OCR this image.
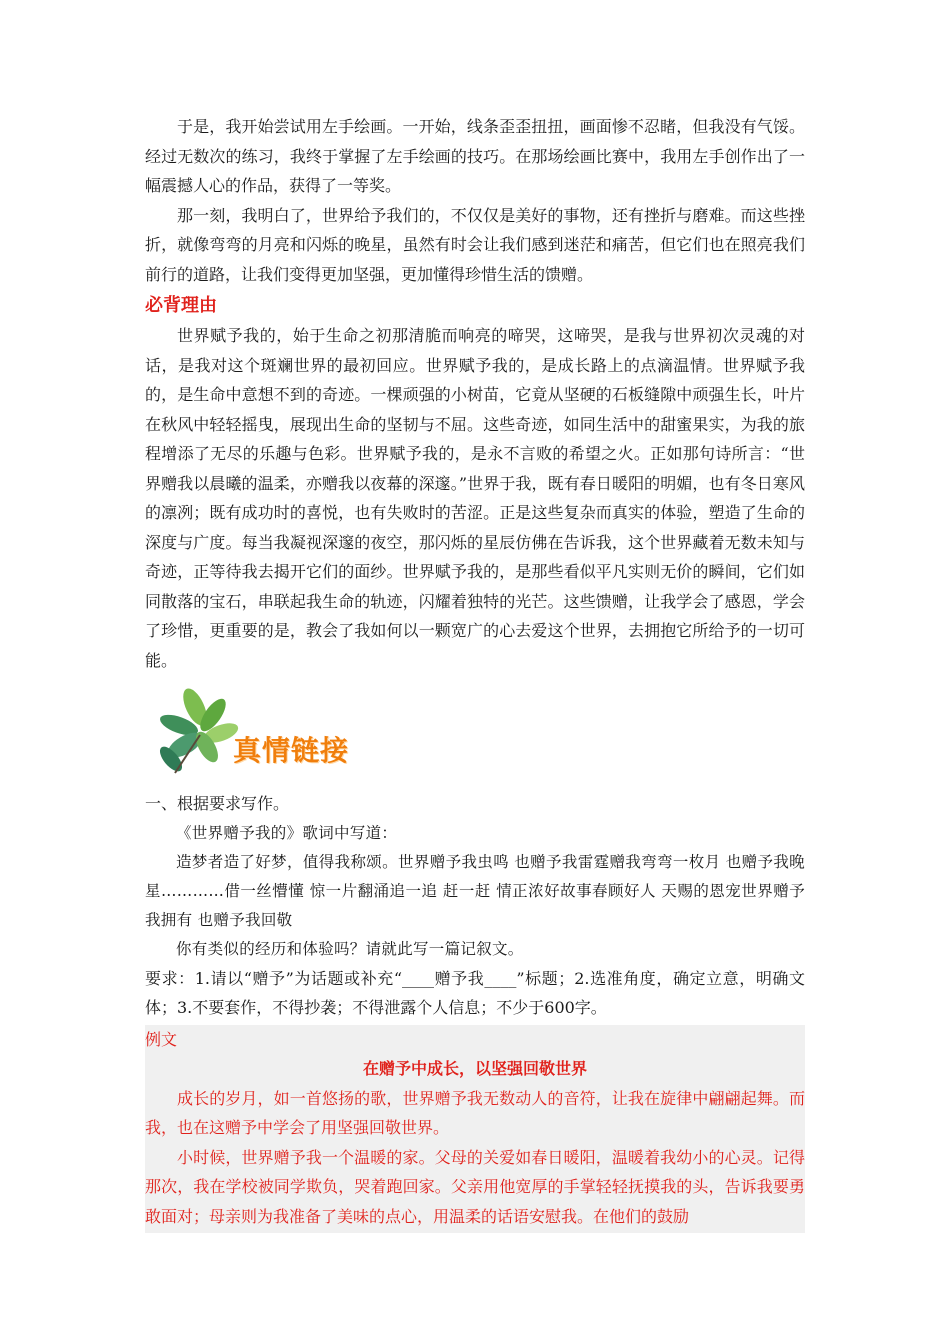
于是，我开始尝试用左手绘画。一开始，线条歪歪扭扭，画面惨不忍睹，但我没有气馁。经过无数次的练习，我终于掌握了左手绘画的技巧。在那场绘画比赛中，我用左手创作出了一幅震撼人心的作品，获得了一等奖。

那一刻，我明白了，世界给予我们的，不仅仅是美好的事物，还有挫折与磨难。而这些挫折，就像弯弯的月亮和闪烁的晚星，虽然有时会让我们感到迷茫和痛苦，但它们也在照亮我们前行的道路，让我们变得更加坚强，更加懂得珍惜生活的馈赠。

必背理由

世界赋予我的，始于生命之初那清脆而响亮的啼哭，这啼哭，是我与世界初次灵魂的对话，是我对这个斑斓世界的最初回应。世界赋予我的，是成长路上的点滴温情。世界赋予我的，是生命中意想不到的奇迹。一棵顽强的小树苗，它竟从坚硬的石板缝隙中顽强生长，叶片在秋风中轻轻摇曳，展现出生命的坚韧与不屈。这些奇迹，如同生活中的甜蜜果实，为我的旅程增添了无尽的乐趣与色彩。世界赋予我的，是永不言败的希望之火。正如那句诗所言：“世界赠我以晨曦的温柔，亦赠我以夜幕的深邃。”世界于我，既有春日暖阳的明媚，也有冬日寒风的凛冽；既有成功时的喜悦，也有失败时的苦涩。正是这些复杂而真实的体验，塑造了生命的深度与广度。每当我凝视深邃的夜空，那闪烁的星辰仿佛在告诉我，这个世界藏着无数未知与奇迹，正等待我去揭开它们的面纱。世界赋予我的，是那些看似平凡实则无价的瞬间，它们如同散落的宝石，串联起我生命的轨迹，闪耀着独特的光芒。这些馈赠，让我学会了感恩，学会了珍惜，更重要的是，教会了我如何以一颗宽广的心去爱这个世界，去拥抱它所给予的一切可能。

真情链接

一、根据要求写作。

《世界赠予我的》歌词中写道：

造梦者造了好梦，值得我称颂。世界赠予我虫鸣 也赠予我雷霆赠我弯弯一枚月 也赠予我晚星…………借一丝懵懂 惊一片翻涌追一追 赶一赶 情正浓好故事春顾好人 天赐的恩宠世界赠予我拥有 也赠予我回敬

你有类似的经历和体验吗？请就此写一篇记叙文。

要求：1.请以“赠予”为话题或补充“____赠予我____”标题；2.选准角度，确定立意，明确文体；3.不要套作，不得抄袭；不得泄露个人信息；不少于600字。

例文

在赠予中成长，以坚强回敬世界

成长的岁月，如一首悠扬的歌，世界赠予我无数动人的音符，让我在旋律中翩翩起舞。而我，也在这赠予中学会了用坚强回敬世界。

小时候，世界赠予我一个温暖的家。父母的关爱如春日暖阳，温暖着我幼小的心灵。记得那次，我在学校被同学欺负，哭着跑回家。父亲用他宽厚的手掌轻轻抚摸我的头，告诉我要勇敢面对；母亲则为我准备了美味的点心，用温柔的话语安慰我。在他们的鼓励
